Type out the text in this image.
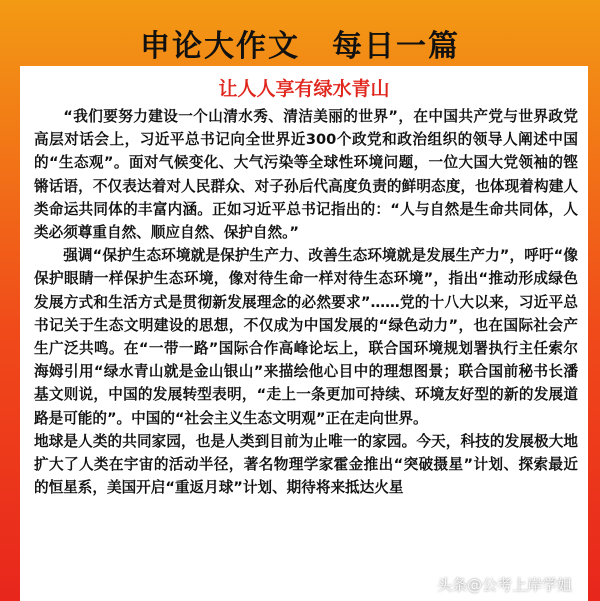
申论大作文　每日一篇
让人人享有绿水青山

“我们要努力建设一个山清水秀、清洁美丽的世界”，在中国共产党与世界政党高层对话会上，习近平总书记向全世界近300个政党和政治组织的领导人阐述中国的“生态观”。面对气候变化、大气污染等全球性环境问题，一位大国大党领袖的铿锵话语，不仅表达着对人民群众、对子孙后代高度负责的鲜明态度，也体现着构建人类命运共同体的丰富内涵。正如习近平总书记指出的：“人与自然是生命共同体，人类必须尊重自然、顺应自然、保护自然。”

强调“保护生态环境就是保护生产力、改善生态环境就是发展生产力”，呼吁“像保护眼睛一样保护生态环境，像对待生命一样对待生态环境”，指出“推动形成绿色发展方式和生活方式是贯彻新发展理念的必然要求”……党的十八大以来，习近平总书记关于生态文明建设的思想，不仅成为中国发展的“绿色动力”，也在国际社会产生广泛共鸣。在“一带一路”国际合作高峰论坛上，联合国环境规划署执行主任索尔海姆引用“绿水青山就是金山银山”来描绘他心目中的理想图景；联合国前秘书长潘基文则说，中国的发展转型表明，“走上一条更加可持续、环境友好型的新的发展道路是可能的”。中国的“社会主义生态文明观”正在走向世界。

地球是人类的共同家园，也是人类到目前为止唯一的家园。今天，科技的发展极大地扩大了人类在宇宙的活动半径，著名物理学家霍金推出“突破摄星”计划、探索最近的恒星系，美国开启“重返月球”计划、期待将来抵达火星

头条@公考上岸学姐
